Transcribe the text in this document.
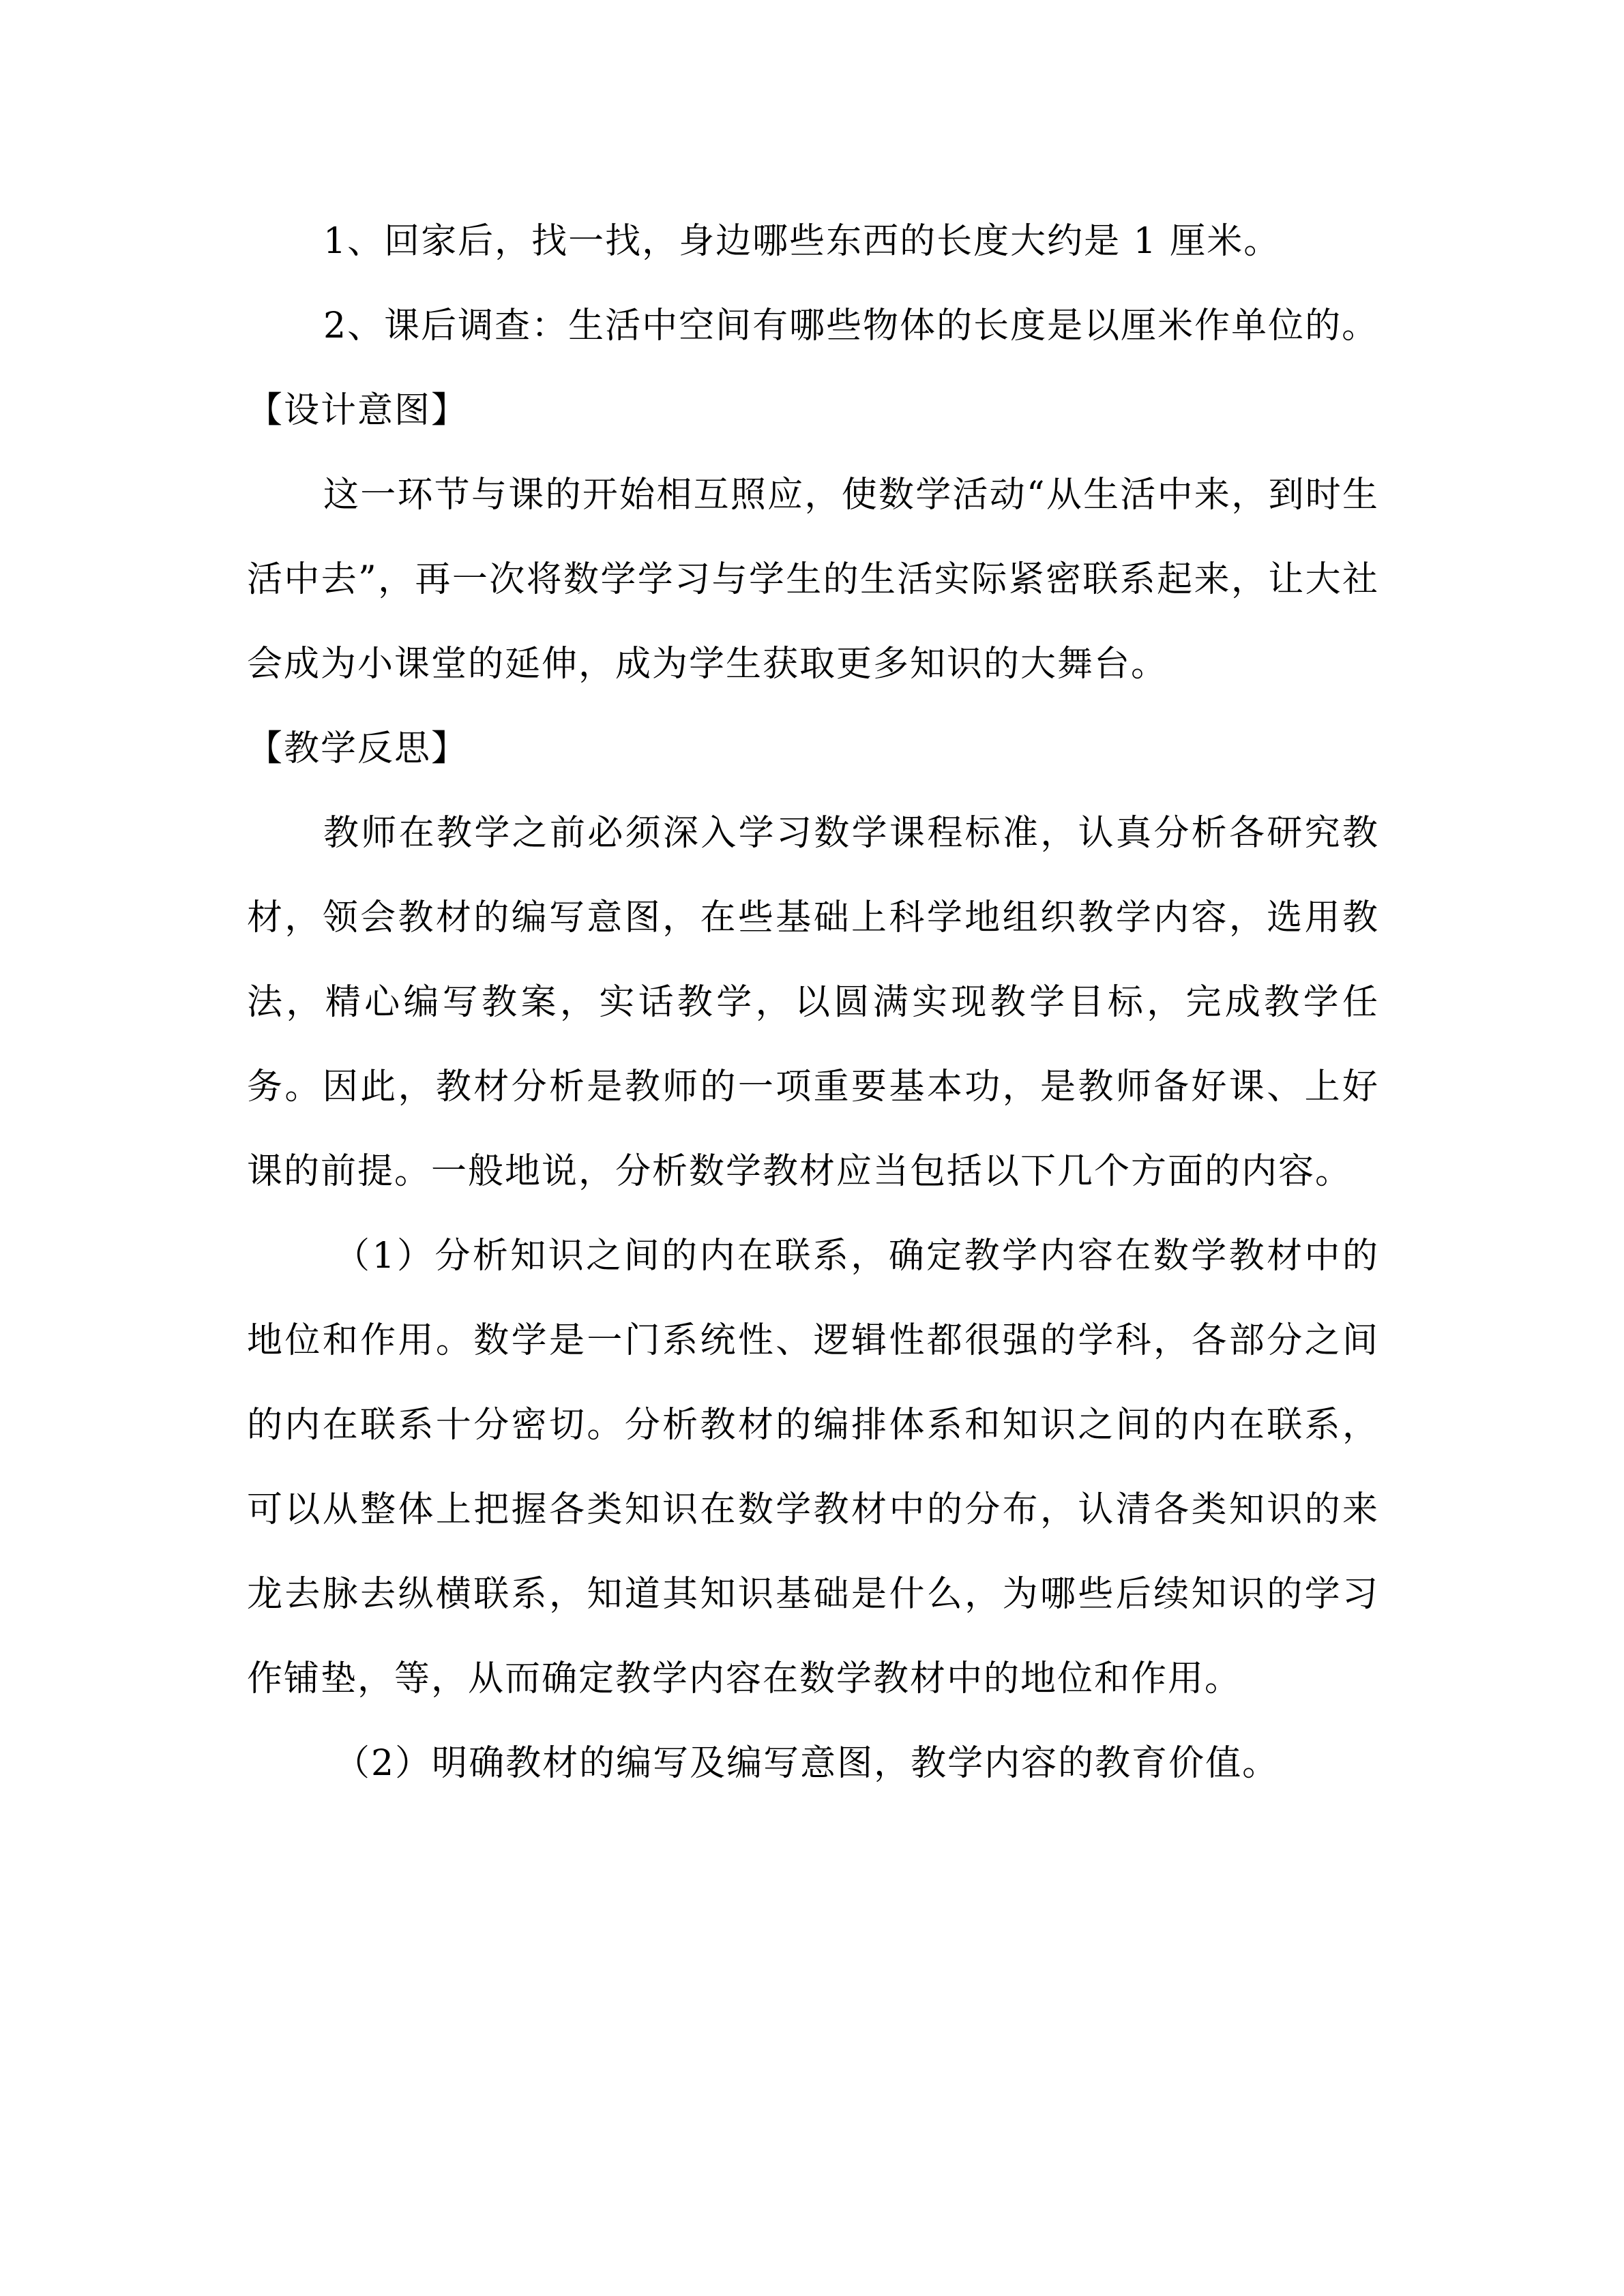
1、回家后，找一找，身边哪些东西的长度大约是 1 厘米。

2、课后调查：生活中空间有哪些物体的长度是以厘米作单位的。

【设计意图】

这一环节与课的开始相互照应，使数学活动“从生活中来，到时生活中去”，再一次将数学学习与学生的生活实际紧密联系起来，让大社会成为小课堂的延伸，成为学生获取更多知识的大舞台。

【教学反思】

教师在教学之前必须深入学习数学课程标准，认真分析各研究教材，领会教材的编写意图，在些基础上科学地组织教学内容，选用教法，精心编写教案，实话教学，以圆满实现教学目标，完成教学任务。因此，教材分析是教师的一项重要基本功，是教师备好课、上好课的前提。一般地说，分析数学教材应当包括以下几个方面的内容。

（1）分析知识之间的内在联系，确定教学内容在数学教材中的地位和作用。数学是一门系统性、逻辑性都很强的学科，各部分之间的内在联系十分密切。分析教材的编排体系和知识之间的内在联系，可以从整体上把握各类知识在数学教材中的分布，认清各类知识的来龙去脉去纵横联系，知道其知识基础是什么，为哪些后续知识的学习作铺垫，等，从而确定教学内容在数学教材中的地位和作用。

（2）明确教材的编写及编写意图，教学内容的教育价值。
